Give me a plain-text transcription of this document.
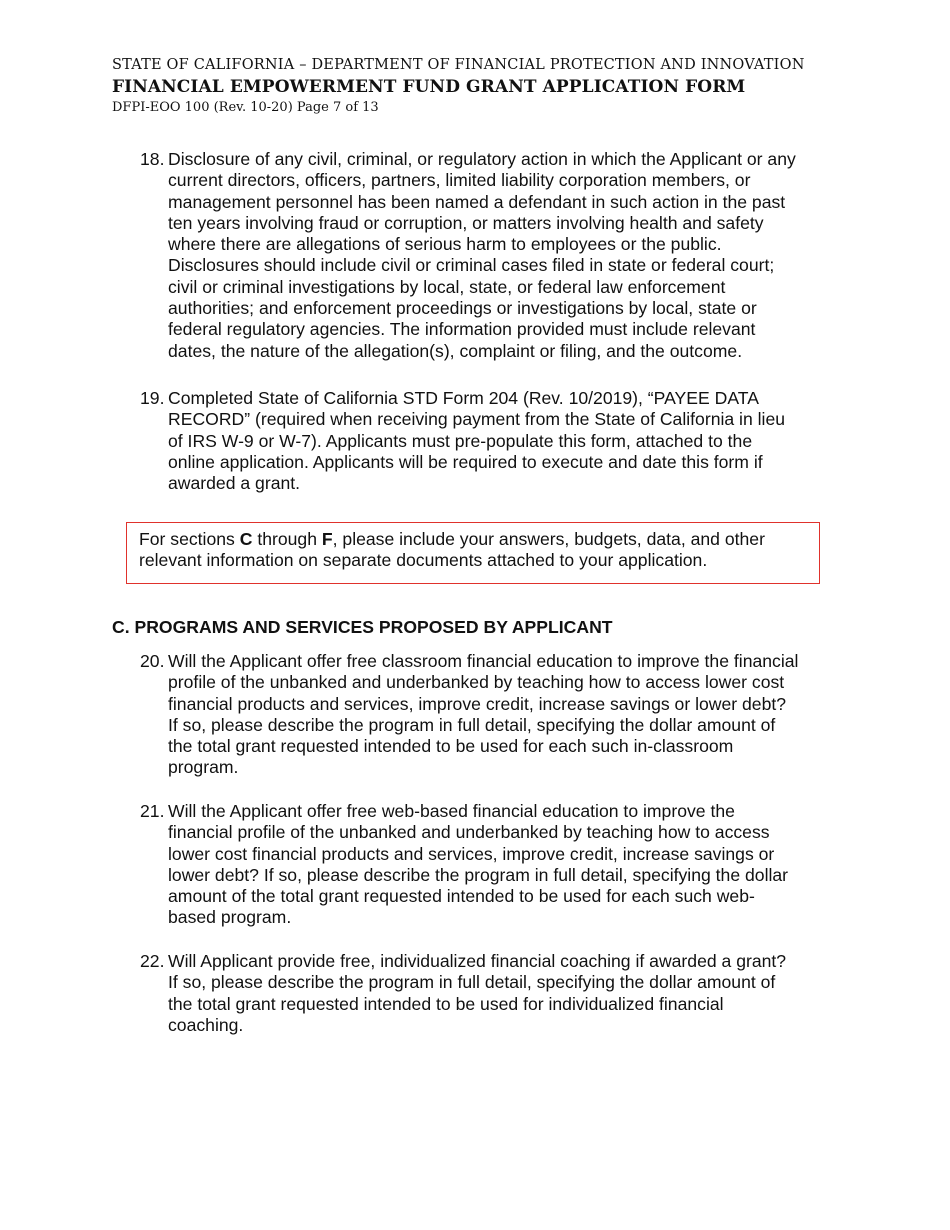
STATE OF CALIFORNIA – DEPARTMENT OF FINANCIAL PROTECTION AND INNOVATION
FINANCIAL EMPOWERMENT FUND GRANT APPLICATION FORM
DFPI-EOO 100 (Rev. 10-20) Page 7 of 13
18. Disclosure of any civil, criminal, or regulatory action in which the Applicant or any
current directors, officers, partners, limited liability corporation members, or
management personnel has been named a defendant in such action in the past
ten years involving fraud or corruption, or matters involving health and safety
where there are allegations of serious harm to employees or the public.
Disclosures should include civil or criminal cases filed in state or federal court;
civil or criminal investigations by local, state, or federal law enforcement
authorities; and enforcement proceedings or investigations by local, state or
federal regulatory agencies. The information provided must include relevant
dates, the nature of the allegation(s), complaint or filing, and the outcome.
19. Completed State of California STD Form 204 (Rev. 10/2019), “PAYEE DATA
RECORD” (required when receiving payment from the State of California in lieu
of IRS W-9 or W-7). Applicants must pre-populate this form, attached to the
online application. Applicants will be required to execute and date this form if
awarded a grant.
For sections C through F, please include your answers, budgets, data, and other
relevant information on separate documents attached to your application.
C. PROGRAMS AND SERVICES PROPOSED BY APPLICANT
20. Will the Applicant offer free classroom financial education to improve the financial
profile of the unbanked and underbanked by teaching how to access lower cost
financial products and services, improve credit, increase savings or lower debt?
If so, please describe the program in full detail, specifying the dollar amount of
the total grant requested intended to be used for each such in-classroom
program.
21. Will the Applicant offer free web-based financial education to improve the
financial profile of the unbanked and underbanked by teaching how to access
lower cost financial products and services, improve credit, increase savings or
lower debt? If so, please describe the program in full detail, specifying the dollar
amount of the total grant requested intended to be used for each such web-
based program.
22. Will Applicant provide free, individualized financial coaching if awarded a grant?
If so, please describe the program in full detail, specifying the dollar amount of
the total grant requested intended to be used for individualized financial
coaching.
